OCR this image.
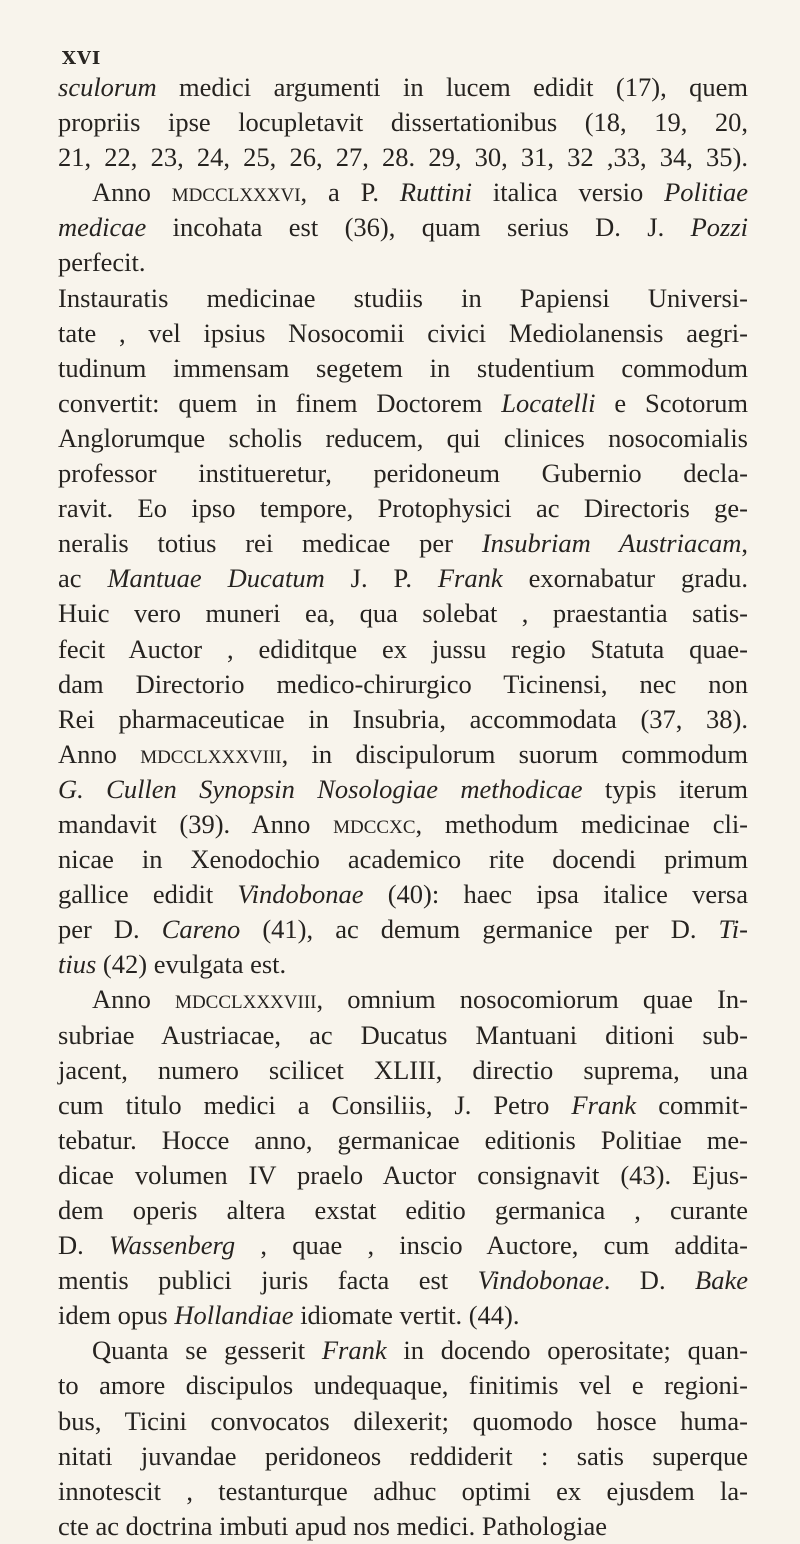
XVI
sculorum medici argumenti in lucem edidit (17), quem
propriis ipse locupletavit dissertationibus (18, 19, 20,
21, 22, 23, 24, 25, 26, 27, 28. 29, 30, 31, 32 ,33, 34, 35).
Anno mdcclxxxvi, a P. Ruttini italica versio Politiae
medicae incohata est (36), quam serius D. J. Pozzi
perfecit.
Instauratis medicinae studiis in Papiensi Universi-
tate , vel ipsius Nosocomii civici Mediolanensis aegri-
tudinum immensam segetem in studentium commodum
convertit: quem in finem Doctorem Locatelli e Scotorum
Anglorumque scholis reducem, qui clinices nosocomialis
professor institueretur, peridoneum Gubernio decla-
ravit. Eo ipso tempore, Protophysici ac Directoris ge-
neralis totius rei medicae per Insubriam Austriacam,
ac Mantuae Ducatum J. P. Frank exornabatur gradu.
Huic vero muneri ea, qua solebat , praestantia satis-
fecit Auctor , ediditque ex jussu regio Statuta quae-
dam Directorio medico-chirurgico Ticinensi, nec non
Rei pharmaceuticae in Insubria, accommodata (37, 38).
Anno mdcclxxxviii, in discipulorum suorum commodum
G. Cullen Synopsin Nosologiae methodicae typis iterum
mandavit (39). Anno mdccxc, methodum medicinae cli-
nicae in Xenodochio academico rite docendi primum
gallice edidit Vindobonae (40): haec ipsa italice versa
per D. Careno (41), ac demum germanice per D. Ti-
tius (42) evulgata est.
Anno mdcclxxxviii, omnium nosocomiorum quae In-
subriae Austriacae, ac Ducatus Mantuani ditioni sub-
jacent, numero scilicet XLIII, directio suprema, una
cum titulo medici a Consiliis, J. Petro Frank commit-
tebatur. Hocce anno, germanicae editionis Politiae me-
dicae volumen IV praelo Auctor consignavit (43). Ejus-
dem operis altera exstat editio germanica , curante
D. Wassenberg , quae , inscio Auctore, cum addita-
mentis publici juris facta est Vindobonae. D. Bake
idem opus Hollandiae idiomate vertit. (44).
Quanta se gesserit Frank in docendo operositate; quan-
to amore discipulos undequaque, finitimis vel e regioni-
bus, Ticini convocatos dilexerit; quomodo hosce huma-
nitati juvandae peridoneos reddiderit : satis superque
innotescit , testanturque adhuc optimi ex ejusdem la-
cte ac doctrina imbuti apud nos medici. Pathologiae
